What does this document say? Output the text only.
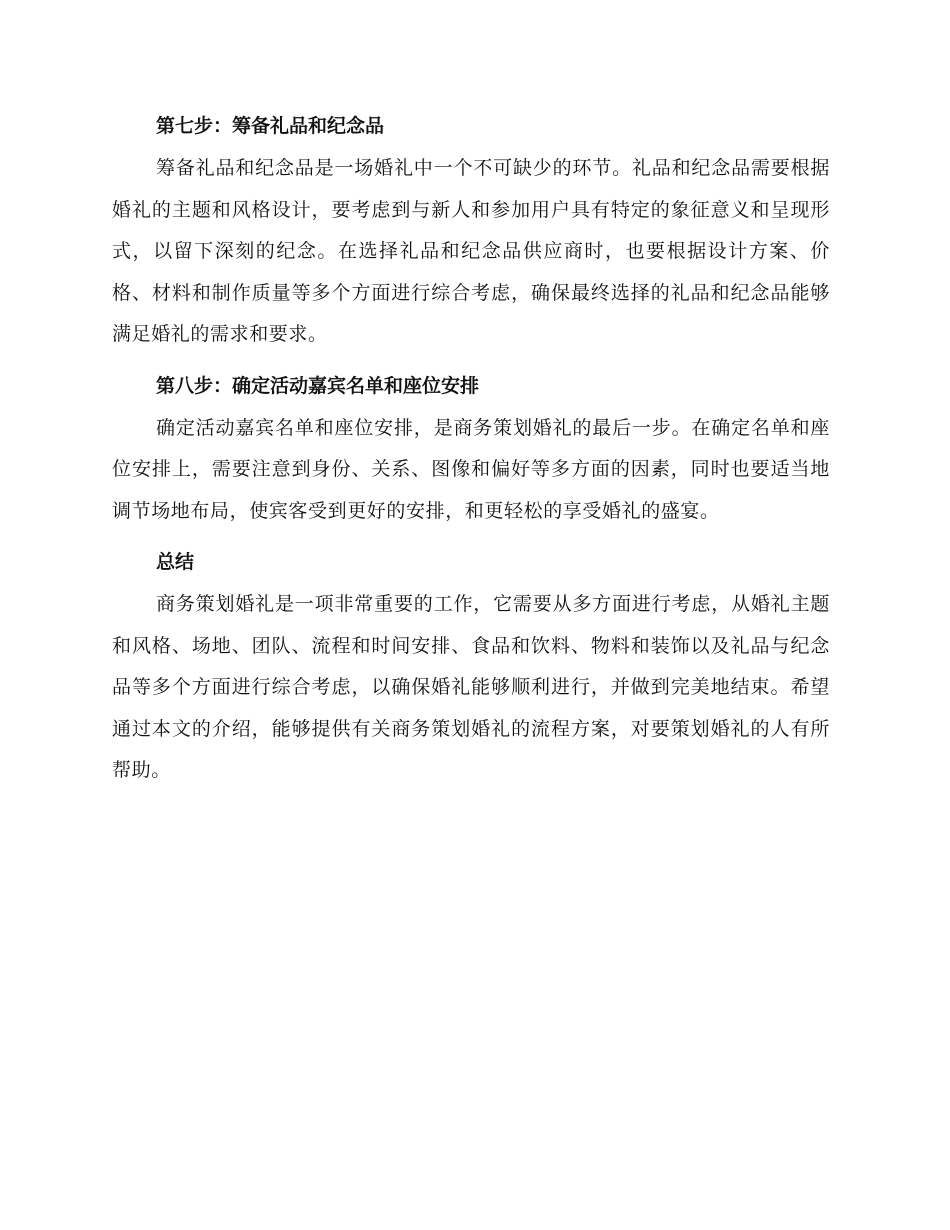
第七步：筹备礼品和纪念品

筹备礼品和纪念品是一场婚礼中一个不可缺少的环节。礼品和纪念品需要根据婚礼的主题和风格设计，要考虑到与新人和参加用户具有特定的象征意义和呈现形式，以留下深刻的纪念。在选择礼品和纪念品供应商时，也要根据设计方案、价格、材料和制作质量等多个方面进行综合考虑，确保最终选择的礼品和纪念品能够满足婚礼的需求和要求。

第八步：确定活动嘉宾名单和座位安排

确定活动嘉宾名单和座位安排，是商务策划婚礼的最后一步。在确定名单和座位安排上，需要注意到身份、关系、图像和偏好等多方面的因素，同时也要适当地调节场地布局，使宾客受到更好的安排，和更轻松的享受婚礼的盛宴。

总结

商务策划婚礼是一项非常重要的工作，它需要从多方面进行考虑，从婚礼主题和风格、场地、团队、流程和时间安排、食品和饮料、物料和装饰以及礼品与纪念品等多个方面进行综合考虑，以确保婚礼能够顺利进行，并做到完美地结束。希望通过本文的介绍，能够提供有关商务策划婚礼的流程方案，对要策划婚礼的人有所帮助。
